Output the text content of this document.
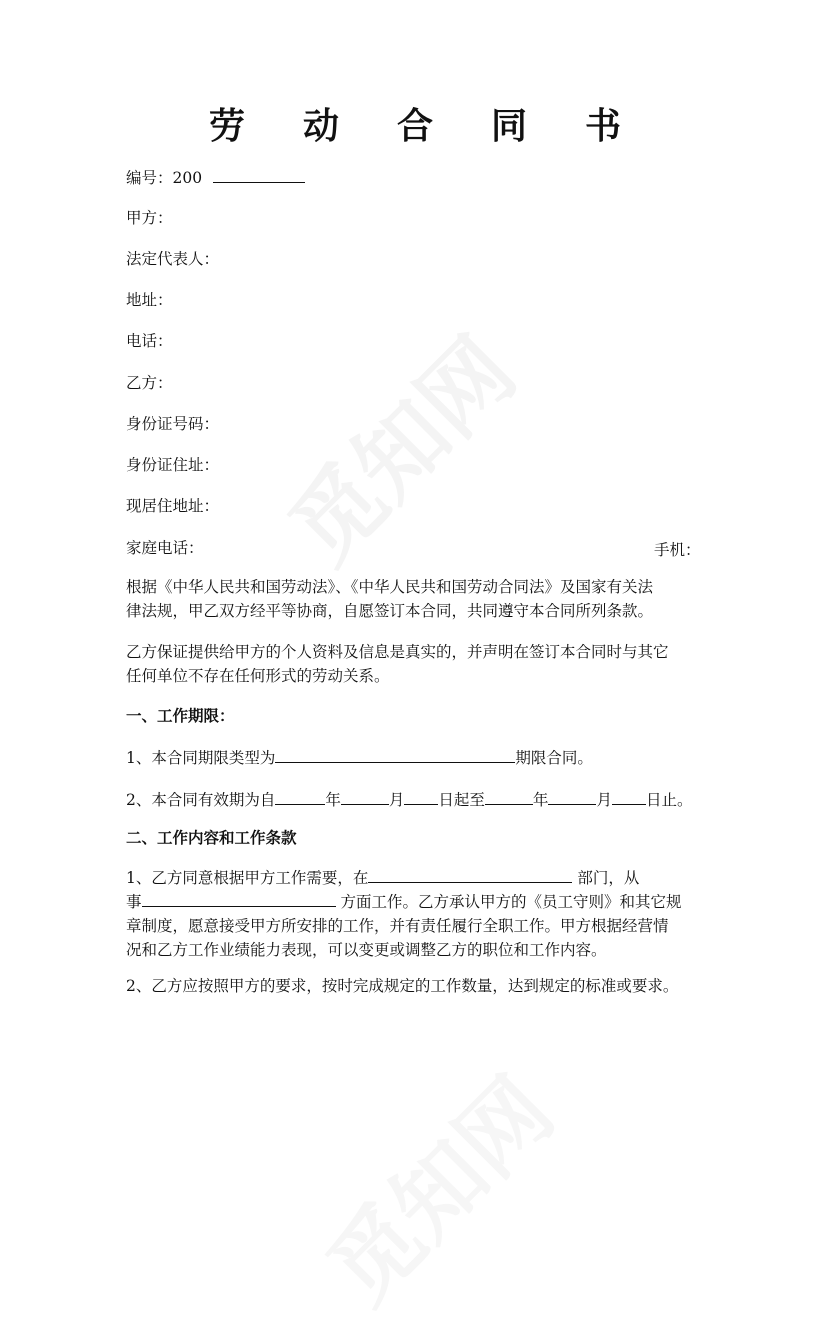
觅知网
觅知网
劳动合同书
编号：200
甲方：
法定代表人：
地址：
电话：
乙方：
身份证号码：
身份证住址：
现居住地址：
家庭电话：	手机：
根据《中华人民共和国劳动法》、《中华人民共和国劳动合同法》及国家有关法
律法规，甲乙双方经平等协商，自愿签订本合同，共同遵守本合同所列条款。
乙方保证提供给甲方的个人资料及信息是真实的，并声明在签订本合同时与其它
任何单位不存在任何形式的劳动关系。
一、工作期限：
1、本合同期限类型为	期限合同。
2、本合同有效期为自	年	月 日起至	年	月 日止。
二、工作内容和工作条款
1、乙方同意根据甲方工作需要，在	部门，从
事	方面工作。乙方承认甲方的《员工守则》和其它规
章制度，愿意接受甲方所安排的工作，并有责任履行全职工作。甲方根据经营情
况和乙方工作业绩能力表现，可以变更或调整乙方的职位和工作内容。
2、乙方应按照甲方的要求，按时完成规定的工作数量，达到规定的标准或要求。
